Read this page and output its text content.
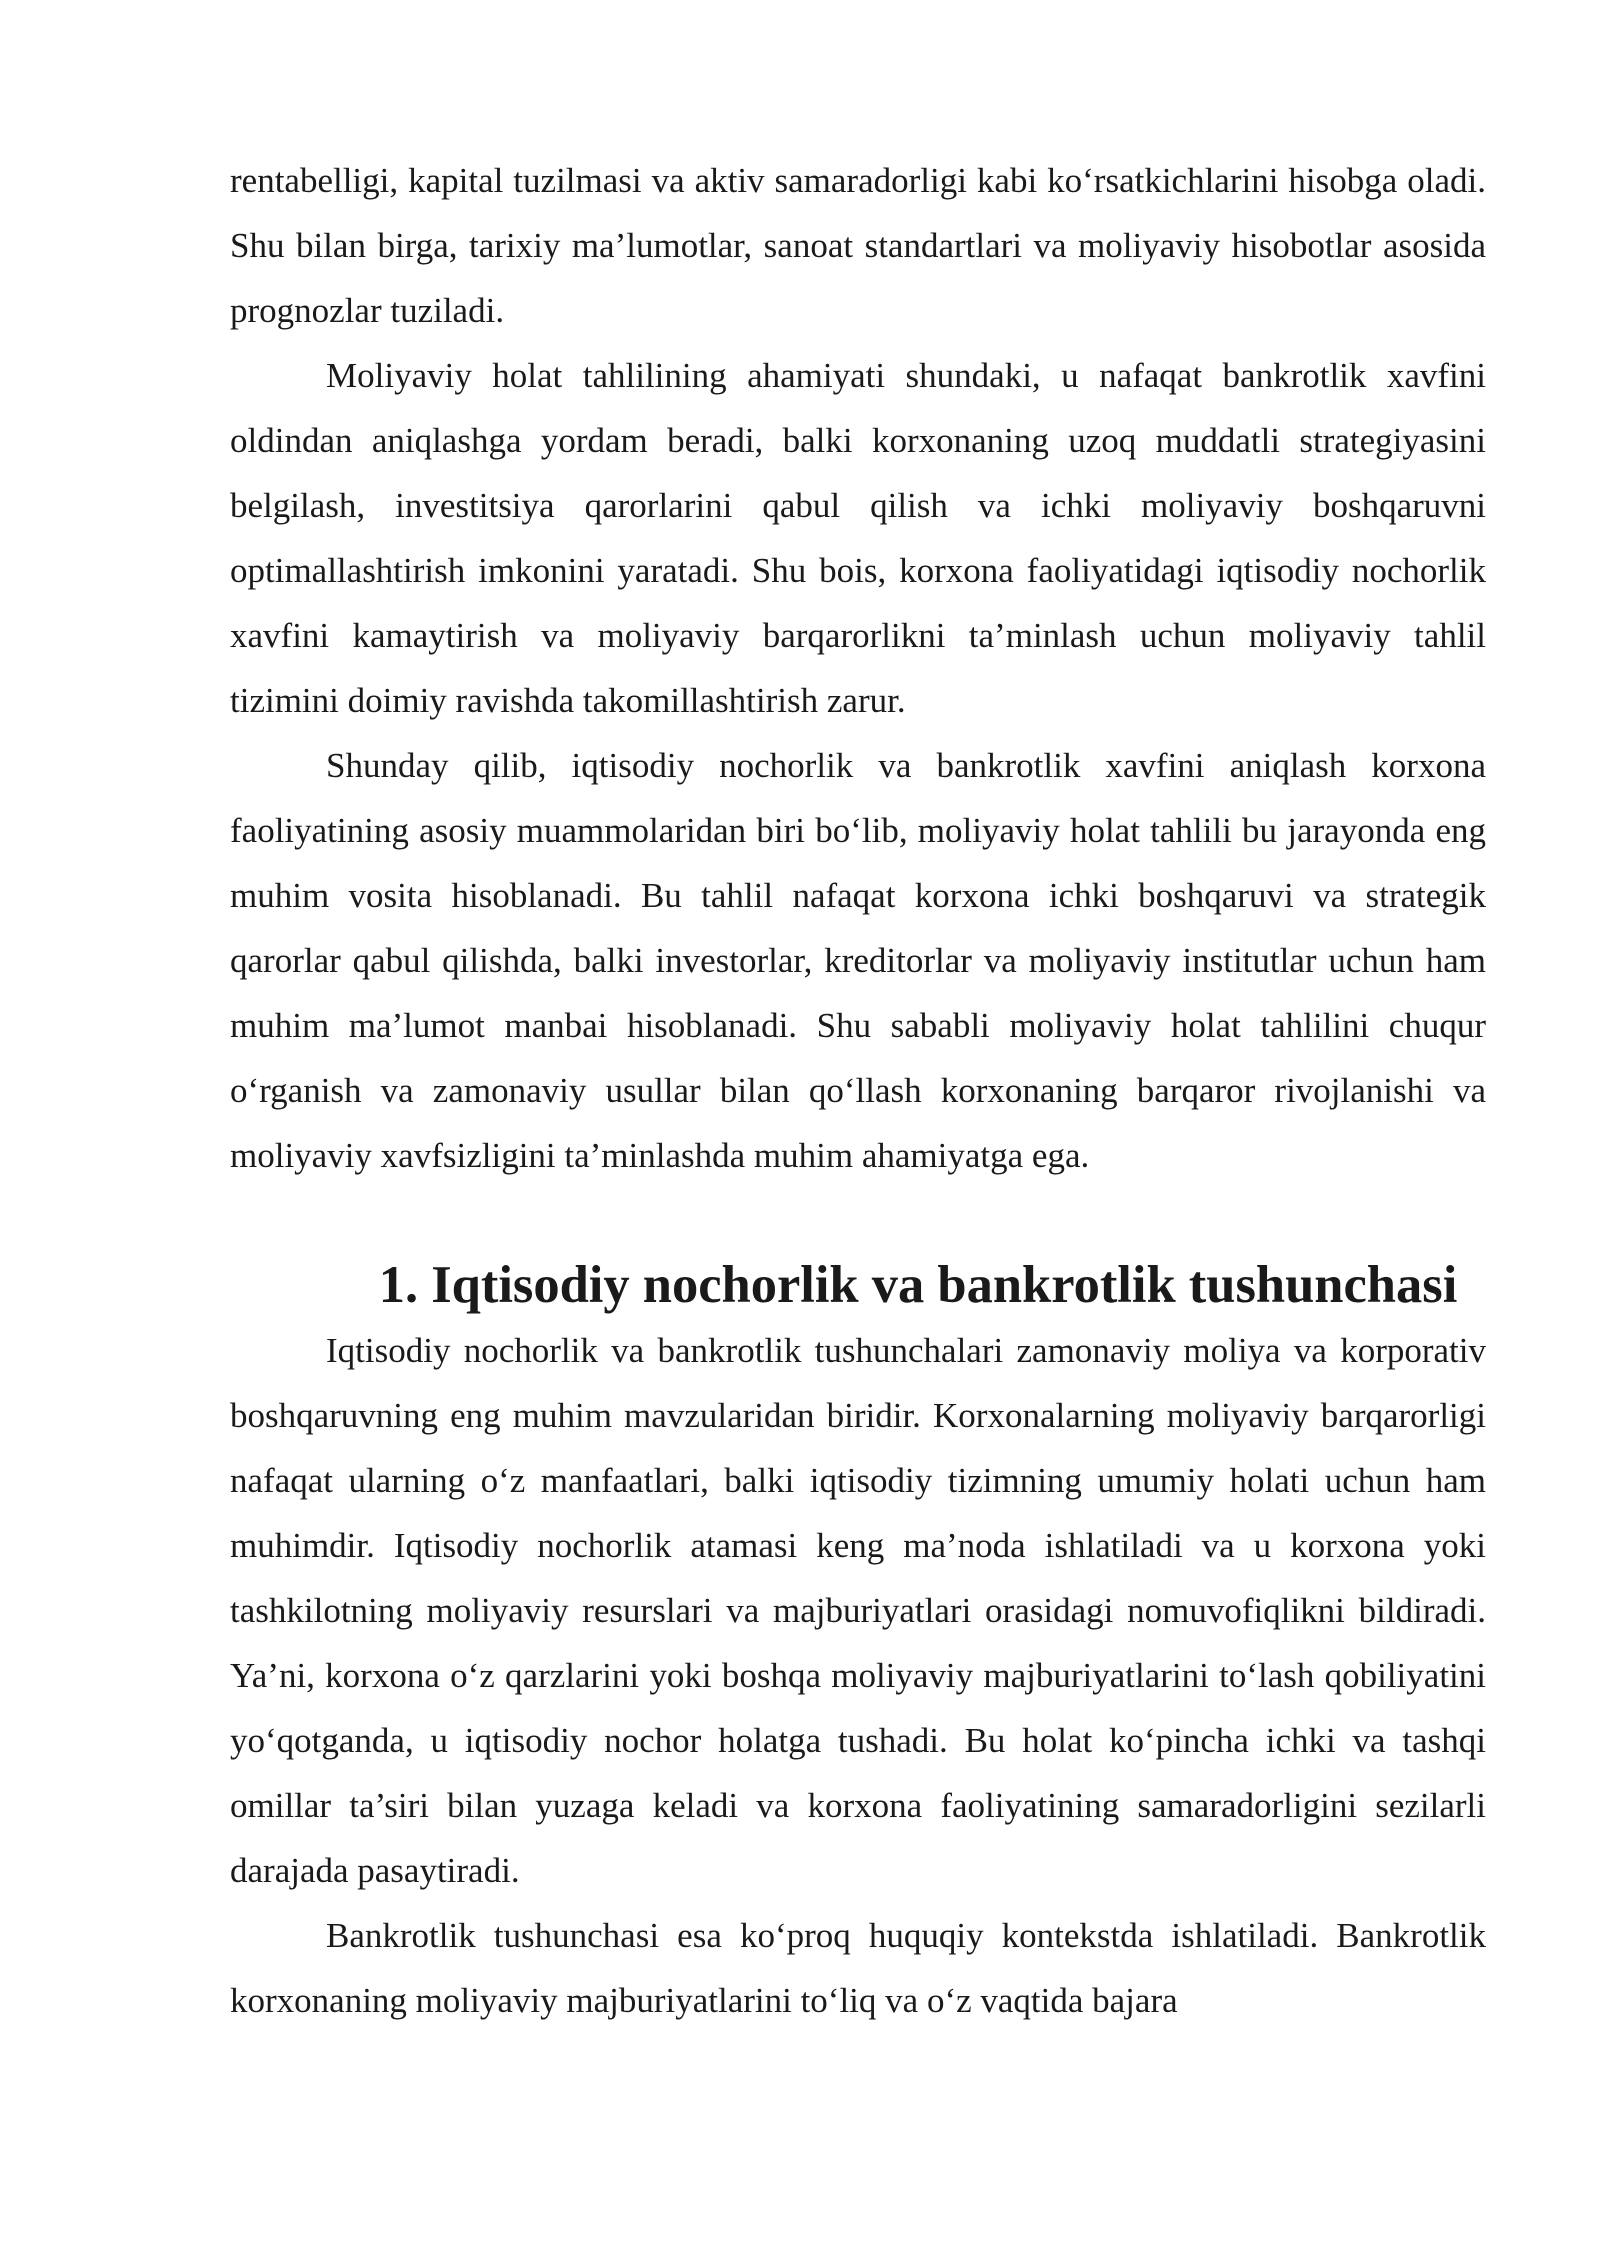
rentabelligi, kapital tuzilmasi va aktiv samaradorligi kabi ko‘rsatkichlarini hisobga oladi. Shu bilan birga, tarixiy ma’lumotlar, sanoat standartlari va moliyaviy hisobotlar asosida prognozlar tuziladi.

Moliyaviy holat tahlilining ahamiyati shundaki, u nafaqat bankrotlik xavfini oldindan aniqlashga yordam beradi, balki korxonaning uzoq muddatli strategiyasini belgilash, investitsiya qarorlarini qabul qilish va ichki moliyaviy boshqaruvni optimallashtirish imkonini yaratadi. Shu bois, korxona faoliyatidagi iqtisodiy nochorlik xavfini kamaytirish va moliyaviy barqarorlikni ta’minlash uchun moliyaviy tahlil tizimini doimiy ravishda takomillashtirish zarur.

Shunday qilib, iqtisodiy nochorlik va bankrotlik xavfini aniqlash korxona faoliyatining asosiy muammolaridan biri bo‘lib, moliyaviy holat tahlili bu jarayonda eng muhim vosita hisoblanadi. Bu tahlil nafaqat korxona ichki boshqaruvi va strategik qarorlar qabul qilishda, balki investorlar, kreditorlar va moliyaviy institutlar uchun ham muhim ma’lumot manbai hisoblanadi. Shu sababli moliyaviy holat tahlilini chuqur o‘rganish va zamonaviy usullar bilan qo‘llash korxonaning barqaror rivojlanishi va moliyaviy xavfsizligini ta’minlashda muhim ahamiyatga ega.

1. Iqtisodiy nochorlik va bankrotlik tushunchasi

Iqtisodiy nochorlik va bankrotlik tushunchalari zamonaviy moliya va korporativ boshqaruvning eng muhim mavzularidan biridir. Korxonalarning moliyaviy barqarorligi nafaqat ularning o‘z manfaatlari, balki iqtisodiy tizimning umumiy holati uchun ham muhimdir. Iqtisodiy nochorlik atamasi keng ma’noda ishlatiladi va u korxona yoki tashkilotning moliyaviy resurslari va majburiyatlari orasidagi nomuvofiqlikni bildiradi. Ya’ni, korxona o‘z qarzlarini yoki boshqa moliyaviy majburiyatlarini to‘lash qobiliyatini yo‘qotganda, u iqtisodiy nochor holatga tushadi. Bu holat ko‘pincha ichki va tashqi omillar ta’siri bilan yuzaga keladi va korxona faoliyatining samaradorligini sezilarli darajada pasaytiradi.

Bankrotlik tushunchasi esa ko‘proq huquqiy kontekstda ishlatiladi. Bankrotlik korxonaning moliyaviy majburiyatlarini to‘liq va o‘z vaqtida bajara
